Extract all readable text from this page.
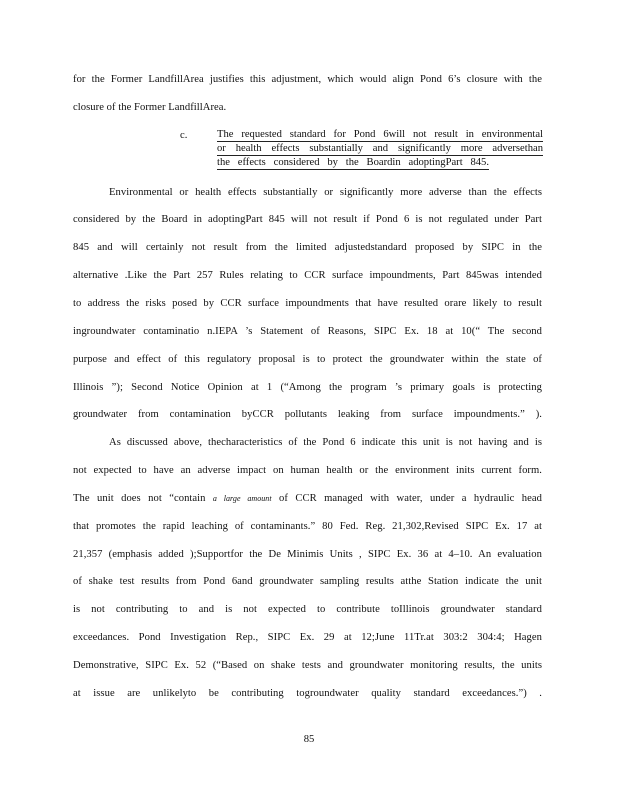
for the Former LandfillArea justifies this adjustment, which would align Pond 6’s closure with the
closure of the Former LandfillArea.
c.	The requested standard for Pond 6will not result in environmental
or health effects substantially and significantly more adversethan
the effects considered by the Boardin adoptingPart 845.
Environmental or health effects substantially or significantly more adverse than the effects
considered by the Board in adoptingPart 845 will not result if Pond 6 is not regulated under Part
845 and will certainly not result from the limited adjustedstandard proposed by SIPC in the
alternative .Like the Part 257 Rules relating to CCR surface impoundments, Part 845was intended
to address the risks posed by CCR surface impoundments that have resulted orare likely to result
ingroundwater contaminatio n.IEPA ’s Statement of Reasons, SIPC Ex. 18 at 10(“ The second
purpose and effect of this regulatory proposal is to protect the groundwater within the state of
Illinois ”); Second Notice Opinion at 1 (“Among the program ’s primary goals is protecting
groundwater from contamination byCCR pollutants leaking from surface impoundments.” ).
As discussed above, thecharacteristics of the Pond 6 indicate this unit is not having and is
not expected to have an adverse impact on human health or the environment inits current form.
The unit does not “contain a large amount of CCR managed with water, under a hydraulic head
that promotes the rapid leaching of contaminants.” 80 Fed. Reg. 21,302,Revised SIPC Ex. 17 at
21,357 (emphasis added );Supportfor the De Minimis Units , SIPC Ex. 36 at 4–10. An evaluation
of shake test results from Pond 6and groundwater sampling results atthe Station indicate the unit
is not contributing to and is not expected to contribute toIllinois groundwater standard
exceedances. Pond Investigation Rep., SIPC Ex. 29 at 12;June 11Tr.at 303:2 304:4; Hagen
Demonstrative, SIPC Ex. 52 (“Based on shake tests and groundwater monitoring results, the units
at issue are unlikelyto be contributing togroundwater quality standard exceedances.”) .
85
